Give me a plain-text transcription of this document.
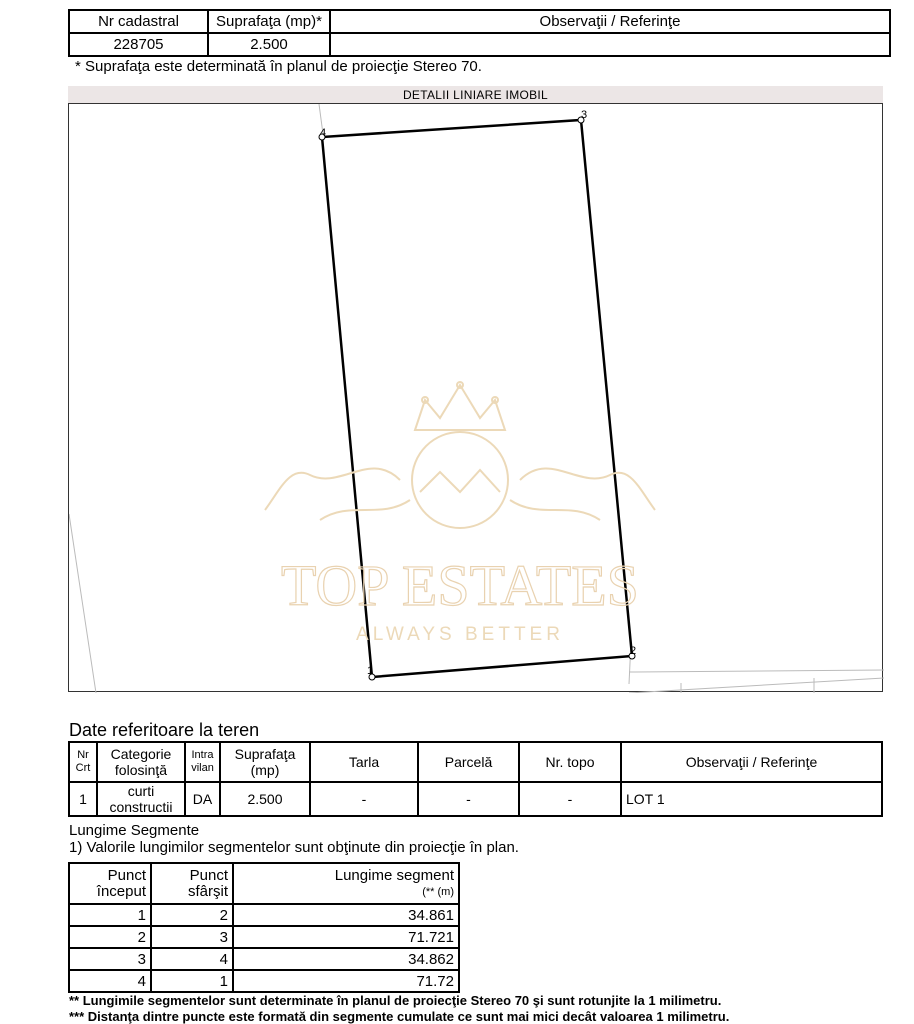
Nr cadastral	Suprafaţa (mp)*	Observaţii / Referinţe
228705	2.500	
* Suprafaţa este determinată în planul de proiecţie Stereo 70.
DETALII LINIARE IMOBIL
1
2
3
4
TOP ESTATES
ALWAYS BETTER
Date referitoare la teren
Nr Crt	Categorie folosinţă	Intra vilan	Suprafaţa (mp)	Tarla	Parcelă	Nr. topo	Observaţii / Referinţe
1	curti constructii	DA	2.500	-	-	-	LOT 1
Lungime Segmente
1) Valorile lungimilor segmentelor sunt obţinute din proiecţie în plan.
Punct început	Punct sfârşit	Lungime segment
(** (m)

1	2	34.861
2	3	71.721
3	4	34.862
4	1	71.72
** Lungimile segmentelor sunt determinate în planul de proiecţie Stereo 70 şi sunt rotunjite la 1 milimetru.
*** Distanţa dintre puncte este formată din segmente cumulate ce sunt mai mici decât valoarea 1 milimetru.
